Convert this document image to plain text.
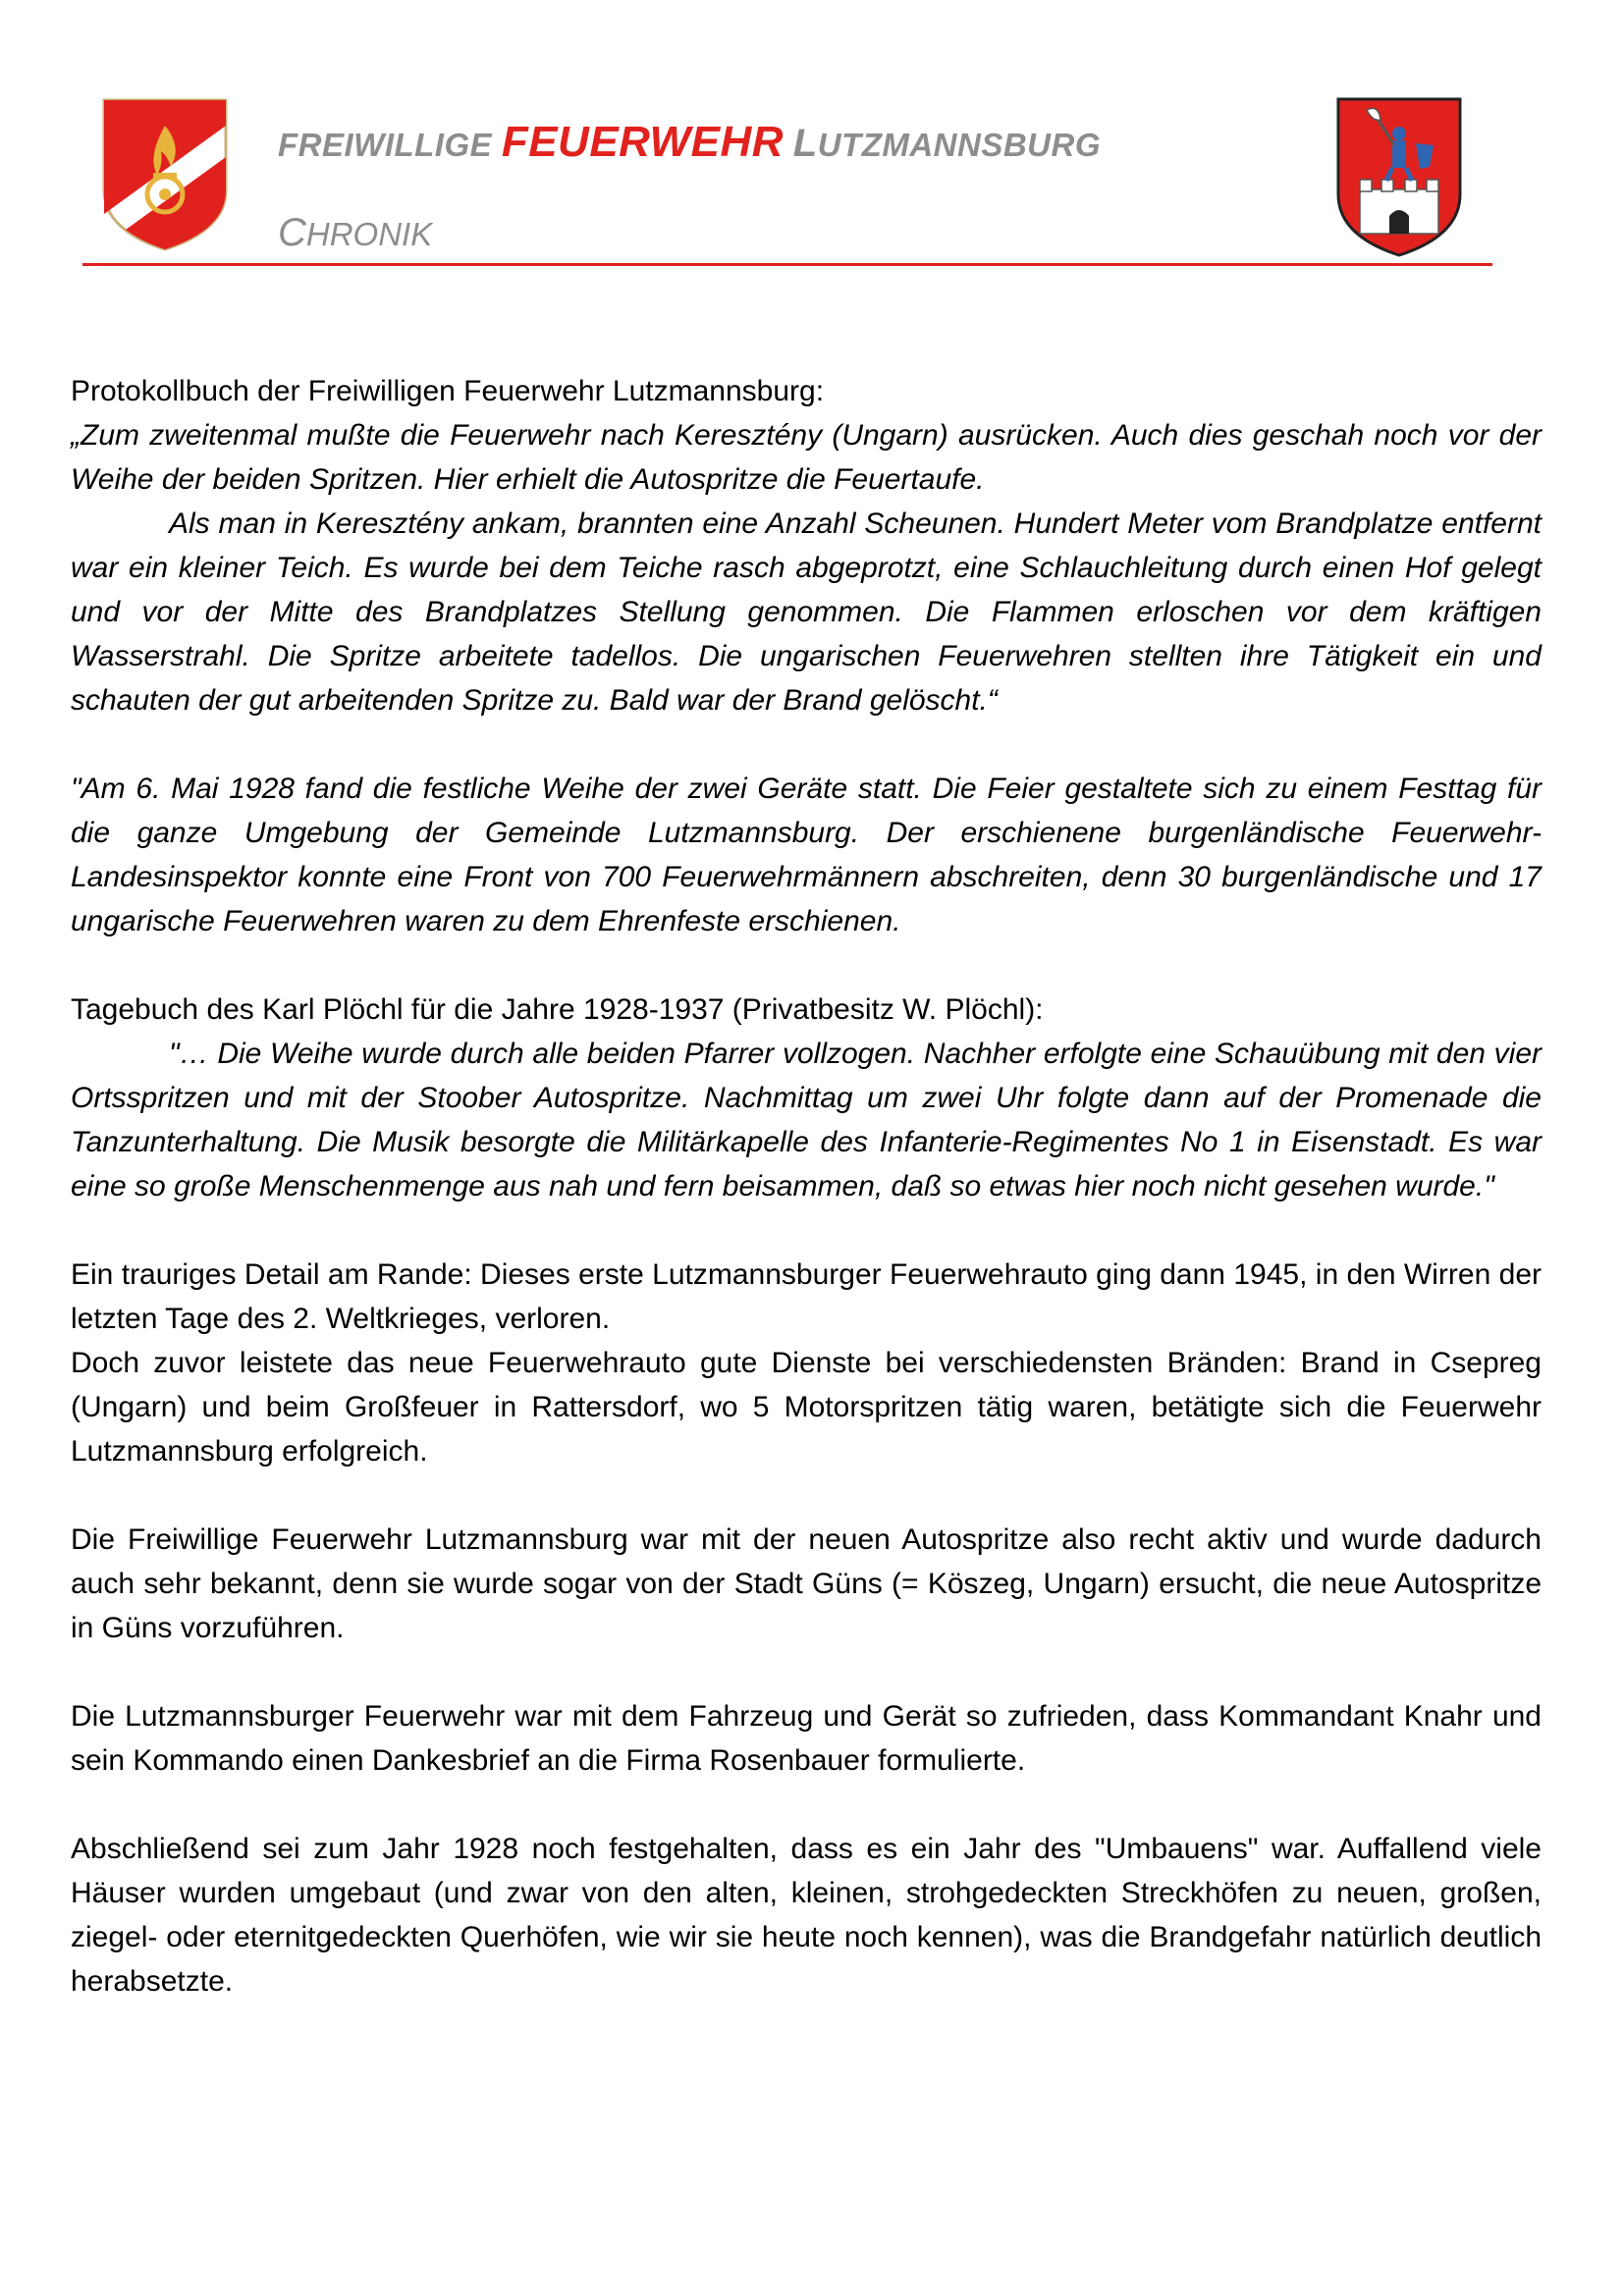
FREIWILLIGE FEUERWEHR LUTZMANNSBURG
CHRONIK

Protokollbuch der Freiwilligen Feuerwehr Lutzmannsburg:

„Zum zweitenmal mußte die Feuerwehr nach Keresztény (Ungarn) ausrücken. Auch dies geschah noch vor der Weihe der beiden Spritzen. Hier erhielt die Autospritze die Feuertaufe.

Als man in Keresztény ankam, brannten eine Anzahl Scheunen. Hundert Meter vom Brandplatze entfernt war ein kleiner Teich. Es wurde bei dem Teiche rasch abgeprotzt, eine Schlauchleitung durch einen Hof gelegt und vor der Mitte des Brandplatzes Stellung genommen. Die Flammen erloschen vor dem kräftigen Wasserstrahl. Die Spritze arbeitete tadellos. Die ungarischen Feuerwehren stellten ihre Tätigkeit ein und schauten der gut arbeitenden Spritze zu. Bald war der Brand gelöscht.“

"Am 6. Mai 1928 fand die festliche Weihe der zwei Geräte statt. Die Feier gestaltete sich zu einem Festtag für die ganze Umgebung der Gemeinde Lutzmannsburg. Der erschienene burgenländische Feuerwehr-Landesinspektor konnte eine Front von 700 Feuerwehrmännern abschreiten, denn 30 burgenländische und 17 ungarische Feuerwehren waren zu dem Ehrenfeste erschienen.

Tagebuch des Karl Plöchl für die Jahre 1928-1937 (Privatbesitz W. Plöchl):

"… Die Weihe wurde durch alle beiden Pfarrer vollzogen. Nachher erfolgte eine Schauübung mit den vier Ortsspritzen und mit der Stoober Autospritze. Nachmittag um zwei Uhr folgte dann auf der Promenade die Tanzunterhaltung. Die Musik besorgte die Militärkapelle des Infanterie-Regimentes No 1 in Eisenstadt. Es war eine so große Menschenmenge aus nah und fern beisammen, daß so etwas hier noch nicht gesehen wurde."

Ein trauriges Detail am Rande: Dieses erste Lutzmannsburger Feuerwehrauto ging dann 1945, in den Wirren der letzten Tage des 2. Weltkrieges, verloren.

Doch zuvor leistete das neue Feuerwehrauto gute Dienste bei verschiedensten Bränden: Brand in Csepreg (Ungarn) und beim Großfeuer in Rattersdorf, wo 5 Motorspritzen tätig waren, betätigte sich die Feuerwehr Lutzmannsburg erfolgreich.

Die Freiwillige Feuerwehr Lutzmannsburg war mit der neuen Autospritze also recht aktiv und wurde dadurch auch sehr bekannt, denn sie wurde sogar von der Stadt Güns (= Köszeg, Ungarn) ersucht, die neue Autospritze in Güns vorzuführen.

Die Lutzmannsburger Feuerwehr war mit dem Fahrzeug und Gerät so zufrieden, dass Kommandant Knahr und sein Kommando einen Dankesbrief an die Firma Rosenbauer formulierte.

Abschließend sei zum Jahr 1928 noch festgehalten, dass es ein Jahr des "Umbauens" war. Auffallend viele Häuser wurden umgebaut (und zwar von den alten, kleinen, strohgedeckten Streckhöfen zu neuen, großen, ziegel- oder eternitgedeckten Querhöfen, wie wir sie heute noch kennen), was die Brandgefahr natürlich deutlich herabsetzte.
